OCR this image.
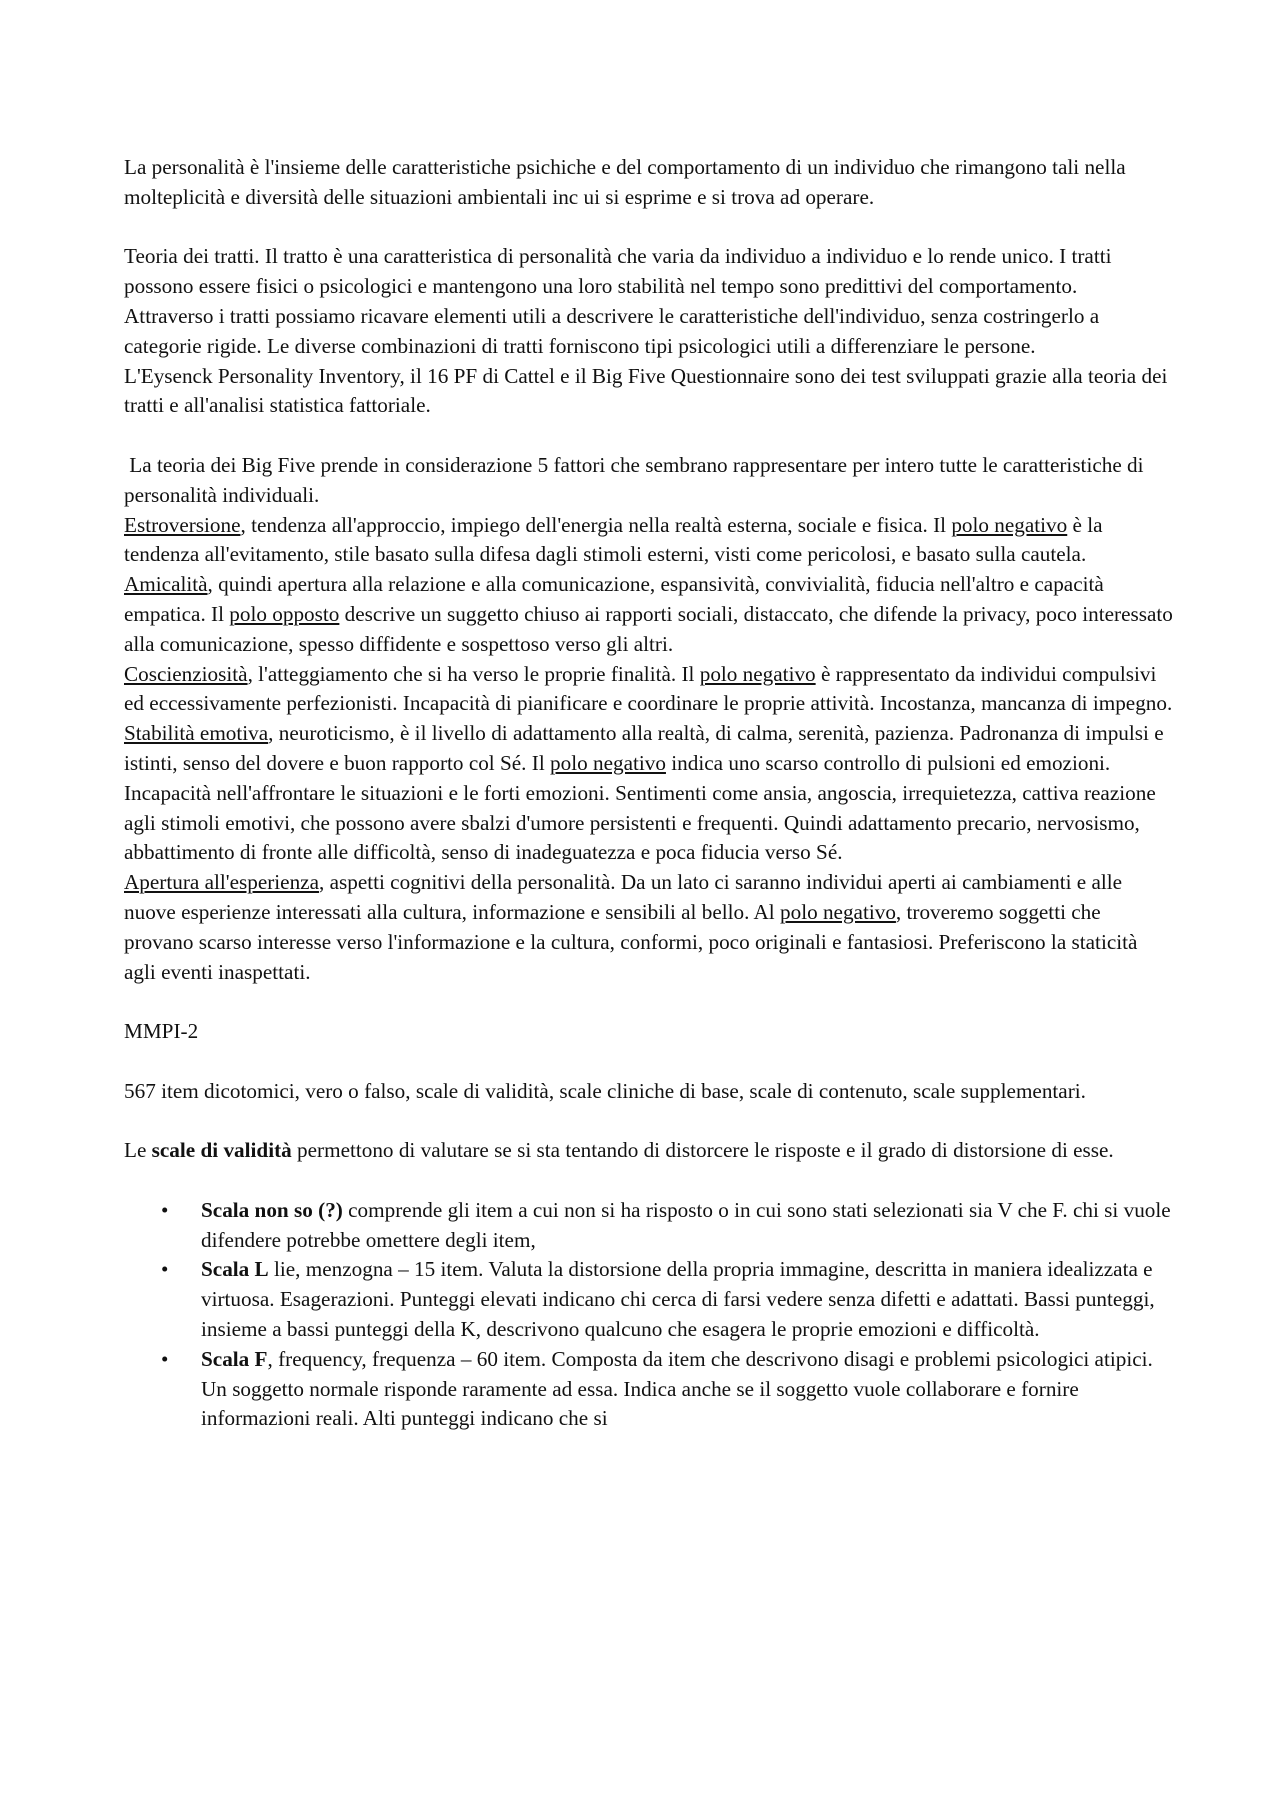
La personalità è l'insieme delle caratteristiche psichiche e del comportamento di un individuo che rimangono tali nella molteplicità e diversità delle situazioni ambientali inc ui si esprime e si trova ad operare.

Teoria dei tratti. Il tratto è una caratteristica di personalità che varia da individuo a individuo e lo rende unico. I tratti possono essere fisici o psicologici e mantengono una loro stabilità nel tempo sono predittivi del comportamento.

Attraverso i tratti possiamo ricavare elementi utili a descrivere le caratteristiche dell'individuo, senza costringerlo a categorie rigide. Le diverse combinazioni di tratti forniscono tipi psicologici utili a differenziare le persone.

L'Eysenck Personality Inventory, il 16 PF di Cattel e il Big Five Questionnaire sono dei test sviluppati grazie alla teoria dei tratti e all'analisi statistica fattoriale.

La teoria dei Big Five prende in considerazione 5 fattori che sembrano rappresentare per intero tutte le caratteristiche di personalità individuali.

Estroversione, tendenza all'approccio, impiego dell'energia nella realtà esterna, sociale e fisica. Il polo negativo è la tendenza all'evitamento, stile basato sulla difesa dagli stimoli esterni, visti come pericolosi, e basato sulla cautela.

Amicalità, quindi apertura alla relazione e alla comunicazione, espansività, convivialità, fiducia nell'altro e capacità empatica. Il polo opposto descrive un suggetto chiuso ai rapporti sociali, distaccato, che difende la privacy, poco interessato alla comunicazione, spesso diffidente e sospettoso verso gli altri.

Coscienziosità, l'atteggiamento che si ha verso le proprie finalità. Il polo negativo è rappresentato da individui compulsivi ed eccessivamente perfezionisti. Incapacità di pianificare e coordinare le proprie attività. Incostanza, mancanza di impegno.

Stabilità emotiva, neuroticismo, è il livello di adattamento alla realtà, di calma, serenità, pazienza. Padronanza di impulsi e istinti, senso del dovere e buon rapporto col Sé. Il polo negativo indica uno scarso controllo di pulsioni ed emozioni. Incapacità nell'affrontare le situazioni e le forti emozioni. Sentimenti come ansia, angoscia, irrequietezza, cattiva reazione agli stimoli emotivi, che possono avere sbalzi d'umore persistenti e frequenti. Quindi adattamento precario, nervosismo, abbattimento di fronte alle difficoltà, senso di inadeguatezza e poca fiducia verso Sé.

Apertura all'esperienza, aspetti cognitivi della personalità. Da un lato ci saranno individui aperti ai cambiamenti e alle nuove esperienze interessati alla cultura, informazione e sensibili al bello. Al polo negativo, troveremo soggetti che provano scarso interesse verso l'informazione e la cultura, conformi, poco originali e fantasiosi. Preferiscono la staticità agli eventi inaspettati.

MMPI-2

567 item dicotomici, vero o falso, scale di validità, scale cliniche di base, scale di contenuto, scale supplementari.

Le scale di validità permettono di valutare se si sta tentando di distorcere le risposte e il grado di distorsione di esse.

• Scala non so (?) comprende gli item a cui non si ha risposto o in cui sono stati selezionati sia V che F. chi si vuole difendere potrebbe omettere degli item,
• Scala L lie, menzogna – 15 item. Valuta la distorsione della propria immagine, descritta in maniera idealizzata e virtuosa. Esagerazioni. Punteggi elevati indicano chi cerca di farsi vedere senza difetti e adattati. Bassi punteggi, insieme a bassi punteggi della K, descrivono qualcuno che esagera le proprie emozioni e difficoltà.
• Scala F, frequency, frequenza – 60 item. Composta da item che descrivono disagi e problemi psicologici atipici. Un soggetto normale risponde raramente ad essa. Indica anche se il soggetto vuole collaborare e fornire informazioni reali. Alti punteggi indicano che si
